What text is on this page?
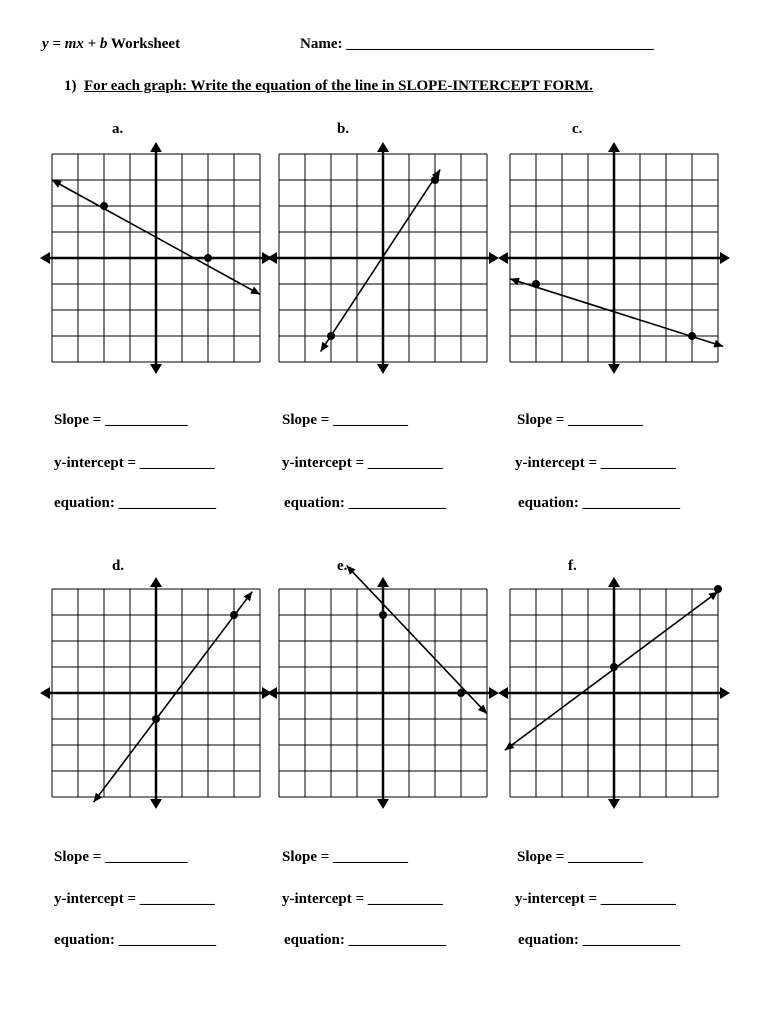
y = mx + b Worksheet	Name: _________________________________________
1) For each graph: Write the equation of the line in SLOPE-INTERCEPT FORM.
a.	b.	c.
d.	e.	f.
Slope = ___________	Slope = __________	Slope = __________
y-intercept = __________	y-intercept = __________	y-intercept = __________
equation: _____________	equation: _____________	equation: _____________
Slope = ___________	Slope = __________	Slope = __________
y-intercept = __________	y-intercept = __________	y-intercept = __________
equation: _____________	equation: _____________	equation: _____________
